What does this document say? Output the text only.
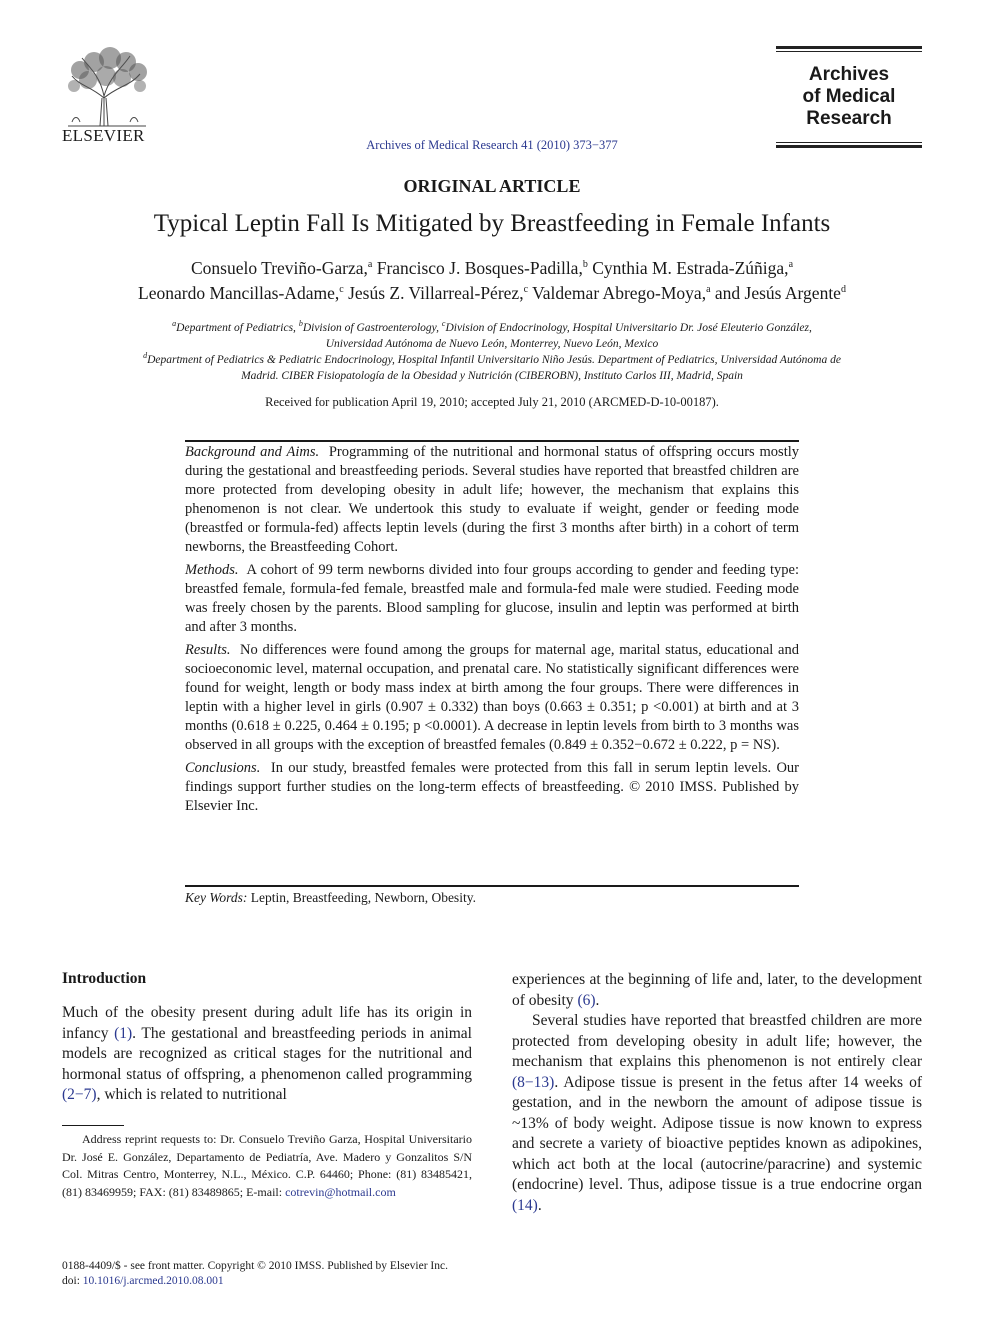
ELSEVIER	Archives of Medical Research 41 (2010) 373−377
Archives
of Medical
Research
ORIGINAL ARTICLE
Typical Leptin Fall Is Mitigated by Breastfeeding in Female Infants
Consuelo Treviño-Garza,$^a$ Francisco J. Bosques-Padilla,$^b$ Cynthia M. Estrada-Zúñiga,$^a$
Leonardo Mancillas-Adame,$^c$ Jesús Z. Villarreal-Pérez,$^c$ Valdemar Abrego-Moya,$^a$ and Jesús Argente$^d$
$^a$Department of Pediatrics, $^b$Division of Gastroenterology, $^c$Division of Endocrinology, Hospital Universitario Dr. José Eleuterio González,
Universidad Autónoma de Nuevo León, Monterrey, Nuevo León, Mexico
$^d$Department of Pediatrics & Pediatric Endocrinology, Hospital Infantil Universitario Niño Jesús. Department of Pediatrics, Universidad Autónoma de
Madrid. CIBER Fisiopatología de la Obesidad y Nutrición (CIBEROBN), Instituto Carlos III, Madrid, Spain
Received for publication April 19, 2010; accepted July 21, 2010 (ARCMED-D-10-00187).

Background and Aims. Programming of the nutritional and hormonal status of offspring occurs mostly during the gestational and breastfeeding periods. Several studies have reported that breastfed children are more protected from developing obesity in adult life; however, the mechanism that explains this phenomenon is not clear. We undertook this study to evaluate if weight, gender or feeding mode (breastfed or formula-fed) affects leptin levels (during the first 3 months after birth) in a cohort of term newborns, the Breastfeeding Cohort.

Methods. A cohort of 99 term newborns divided into four groups according to gender and feeding type: breastfed female, formula-fed female, breastfed male and formula-fed male were studied. Feeding mode was freely chosen by the parents. Blood sampling for glucose, insulin and leptin was performed at birth and after 3 months.

Results. No differences were found among the groups for maternal age, marital status, educational and socioeconomic level, maternal occupation, and prenatal care. No statistically significant differences were found for weight, length or body mass index at birth among the four groups. There were differences in leptin with a higher level in girls (0.907 ± 0.332) than boys (0.663 ± 0.351; p <0.001) at birth and at 3 months (0.618 ± 0.225, 0.464 ± 0.195; p <0.0001). A decrease in leptin levels from birth to 3 months was observed in all groups with the exception of breastfed females (0.849 ± 0.352−0.672 ± 0.222, p = NS).

Conclusions. In our study, breastfed females were protected from this fall in serum leptin levels. Our findings support further studies on the long-term effects of breastfeeding. © 2010 IMSS. Published by Elsevier Inc.

Key Words: Leptin, Breastfeeding, Newborn, Obesity.
Introduction

Much of the obesity present during adult life has its origin in infancy (1). The gestational and breastfeeding periods in animal models are recognized as critical stages for the nutritional and hormonal status of offspring, a phenomenon called programming (2−7), which is related to nutritional

experiences at the beginning of life and, later, to the development of obesity (6).

Several studies have reported that breastfed children are more protected from developing obesity in adult life; however, the mechanism that explains this phenomenon is not entirely clear (8−13). Adipose tissue is present in the fetus after 14 weeks of gestation, and in the newborn the amount of adipose tissue is ~13% of body weight. Adipose tissue is now known to express and secrete a variety of bioactive peptides known as adipokines, which act both at the local (autocrine/paracrine) and systemic (endocrine) level. Thus, adipose tissue is a true endocrine organ (14).

Address reprint requests to: Dr. Consuelo Treviño Garza, Hospital Universitario Dr. José E. González, Departamento de Pediatría, Ave. Madero y Gonzalitos S/N Col. Mitras Centro, Monterrey, N.L., México. C.P. 64460; Phone: (81) 83485421, (81) 83469959; FAX: (81) 83489865; E-mail: cotrevin@hotmail.com
0188-4409/$ - see front matter. Copyright © 2010 IMSS. Published by Elsevier Inc.
doi: 10.1016/j.arcmed.2010.08.001
